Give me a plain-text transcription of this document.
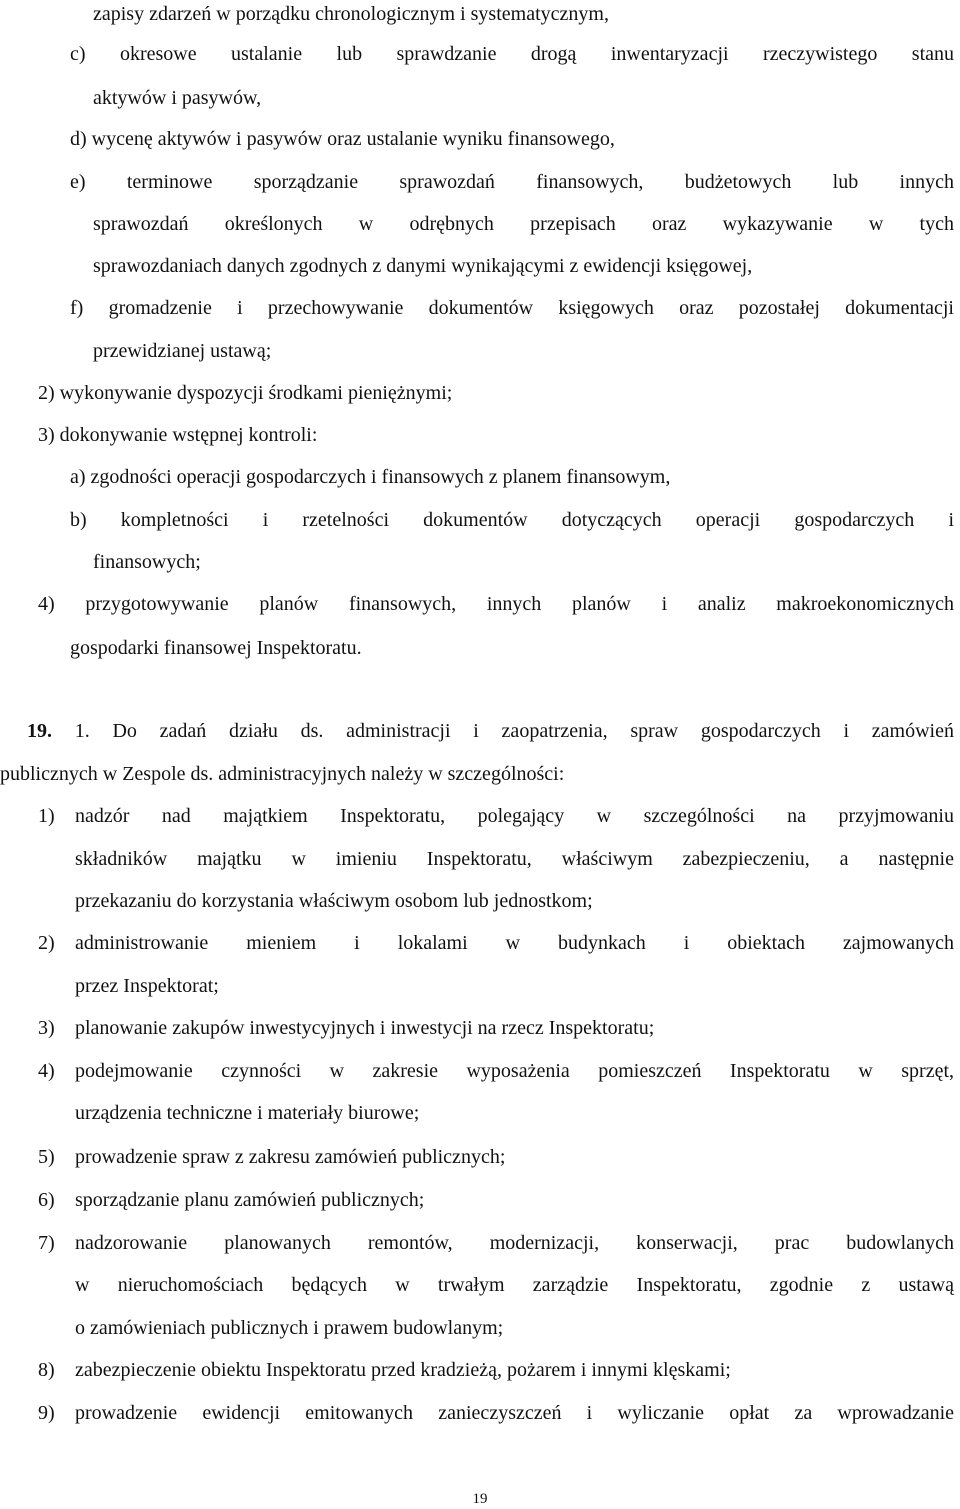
zapisy zdarzeń w porządku chronologicznym i systematycznym,
c) okresowe ustalanie lub sprawdzanie drogą inwentaryzacji rzeczywistego stanu
aktywów i pasywów,
d) wycenę aktywów i pasywów oraz ustalanie wyniku finansowego,
e) terminowe sporządzanie sprawozdań finansowych, budżetowych lub innych
sprawozdań określonych w odrębnych przepisach oraz wykazywanie w tych
sprawozdaniach danych zgodnych z danymi wynikającymi z ewidencji księgowej,
f) gromadzenie i przechowywanie dokumentów księgowych oraz pozostałej dokumentacji
przewidzianej ustawą;
2) wykonywanie dyspozycji środkami pieniężnymi;
3) dokonywanie wstępnej kontroli:
a) zgodności operacji gospodarczych i finansowych z planem finansowym,
b) kompletności i rzetelności dokumentów dotyczących operacji gospodarczych i
finansowych;
4) przygotowywanie planów finansowych, innych planów i analiz makroekonomicznych
gospodarki finansowej Inspektoratu.
19. 1. Do zadań działu ds. administracji i zaopatrzenia, spraw gospodarczych i zamówień
publicznych w Zespole ds. administracyjnych należy w szczególności:
1) nadzór nad majątkiem Inspektoratu, polegający w szczególności na przyjmowaniu
składników majątku w imieniu Inspektoratu, właściwym zabezpieczeniu, a następnie
przekazaniu do korzystania właściwym osobom lub jednostkom;
2) administrowanie mieniem i lokalami w budynkach i obiektach zajmowanych
przez Inspektorat;
3) planowanie zakupów inwestycyjnych i inwestycji na rzecz Inspektoratu;
4) podejmowanie czynności w zakresie wyposażenia pomieszczeń Inspektoratu w sprzęt,
urządzenia techniczne i materiały biurowe;
5) prowadzenie spraw z zakresu zamówień publicznych;
6) sporządzanie planu zamówień publicznych;
7) nadzorowanie planowanych remontów, modernizacji, konserwacji, prac budowlanych
w nieruchomościach będących w trwałym zarządzie Inspektoratu, zgodnie z ustawą
o zamówieniach publicznych i prawem budowlanym;
8) zabezpieczenie obiektu Inspektoratu przed kradzieżą, pożarem i innymi klęskami;
9) prowadzenie ewidencji emitowanych zanieczyszczeń i wyliczanie opłat za wprowadzanie
19
